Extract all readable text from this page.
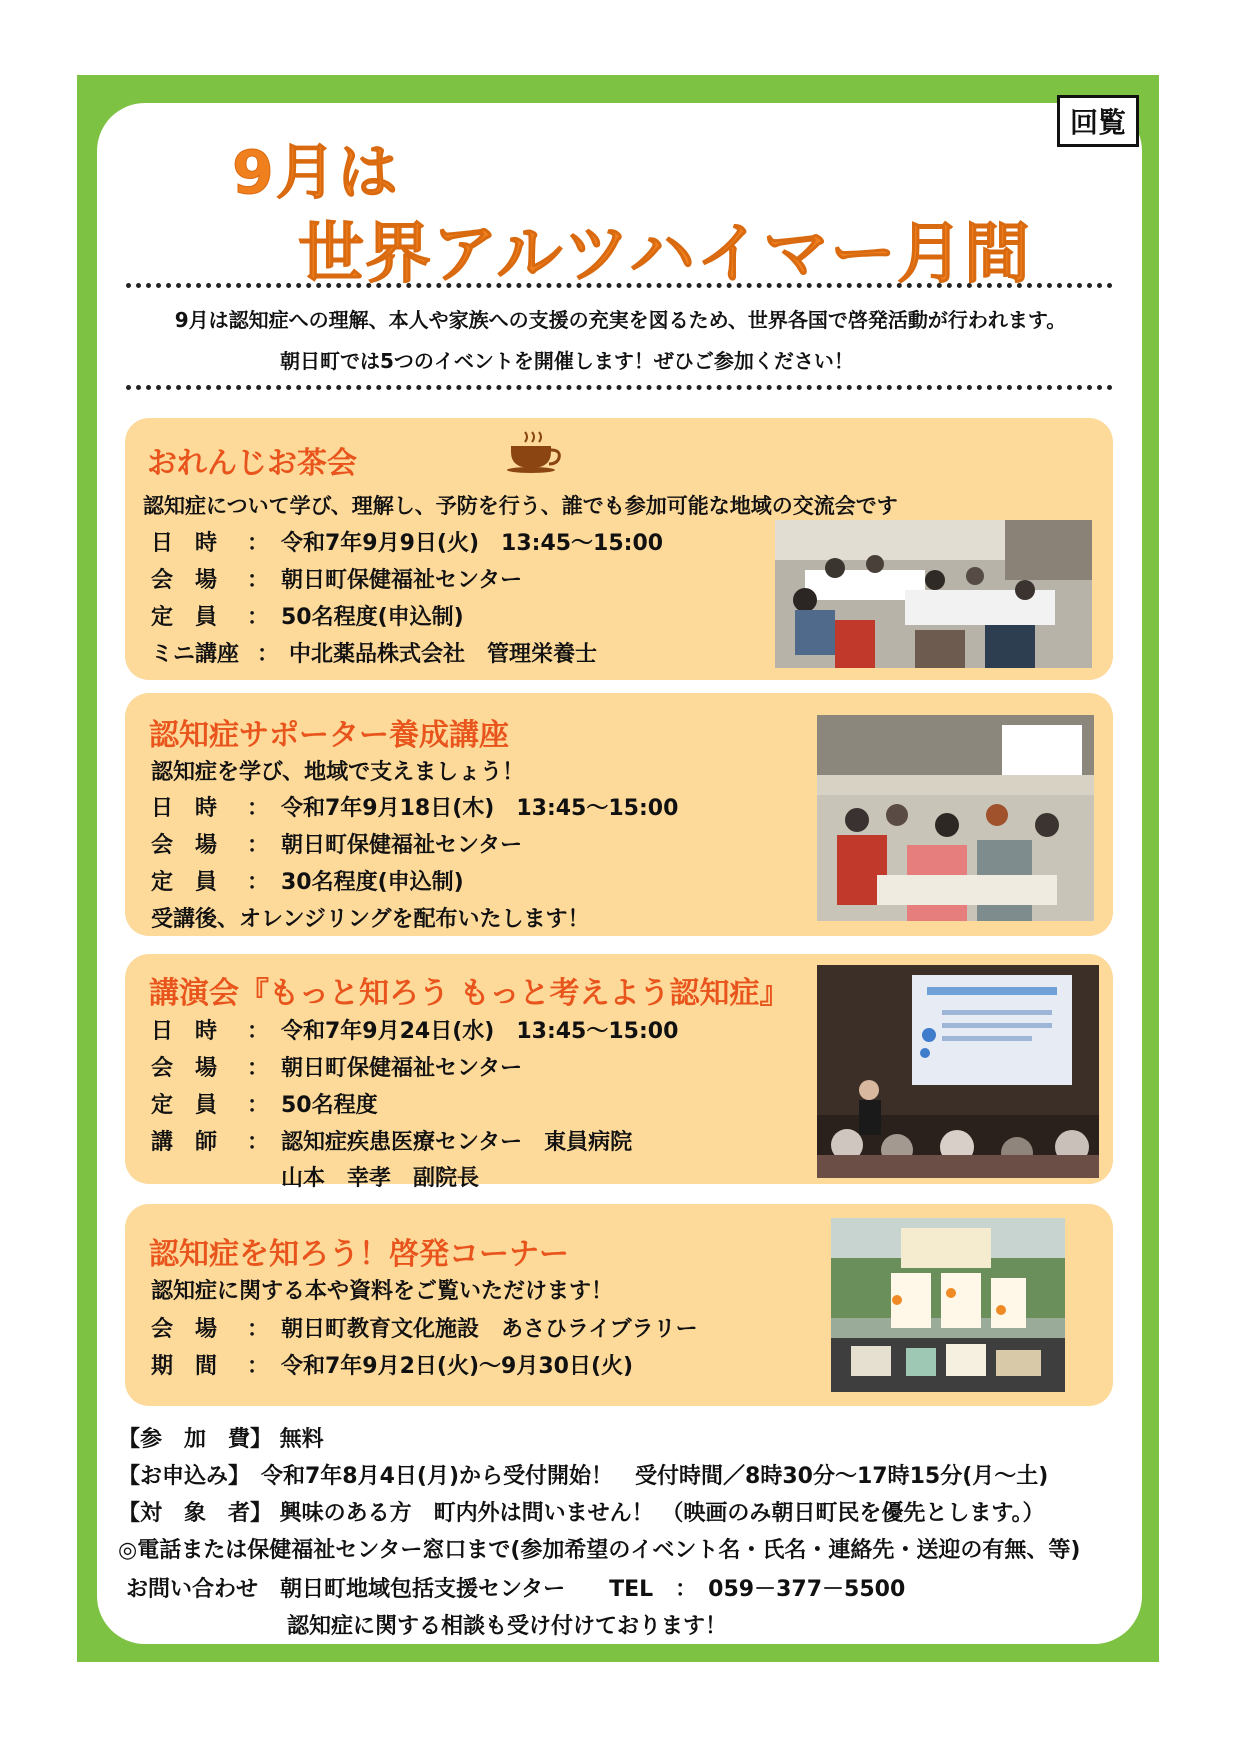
回覧
9月は
世界アルツハイマー月間
9月は認知症への理解、本人や家族への支援の充実を図るため、世界各国で啓発活動が行われます。
朝日町では5つのイベントを開催します！ぜひご参加ください！
おれんじお茶会
認知症について学び、理解し、予防を行う、誰でも参加可能な地域の交流会です
日　時 ： 令和7年9月9日(火)　13:45～15:00
会　場 ： 朝日町保健福祉センター
定　員 ： 50名程度(申込制)
ミニ講座 ： 中北薬品株式会社　管理栄養士
認知症サポーター養成講座
認知症を学び、地域で支えましょう！
日　時 ： 令和7年9月18日(木)　13:45～15:00
会　場 ： 朝日町保健福祉センター
定　員 ： 30名程度(申込制)
受講後、オレンジリングを配布いたします！
講演会『もっと知ろう もっと考えよう認知症』
日　時 ： 令和7年9月24日(水)　13:45～15:00
会　場 ： 朝日町保健福祉センター
定　員 ： 50名程度
講　師 ： 認知症疾患医療センター　東員病院
山本　幸孝　副院長
認知症を知ろう！啓発コーナー
認知症に関する本や資料をご覧いただけます！
会　場 ： 朝日町教育文化施設　あさひライブラリー
期　間 ： 令和7年9月2日(火)～9月30日(火)
【参　加　費】 無料
【お申込み】　令和7年8月4日(月)から受付開始！　受付時間／8時30分～17時15分(月～土)
【対　象　者】 興味のある方　町内外は問いません！ （映画のみ朝日町民を優先とします。）
◎電話または保健福祉センター窓口まで(参加希望のイベント名・氏名・連絡先・送迎の有無、等)
お問い合わせ　朝日町地域包括支援センター　　TEL　：　059－377－5500
認知症に関する相談も受け付けております！
